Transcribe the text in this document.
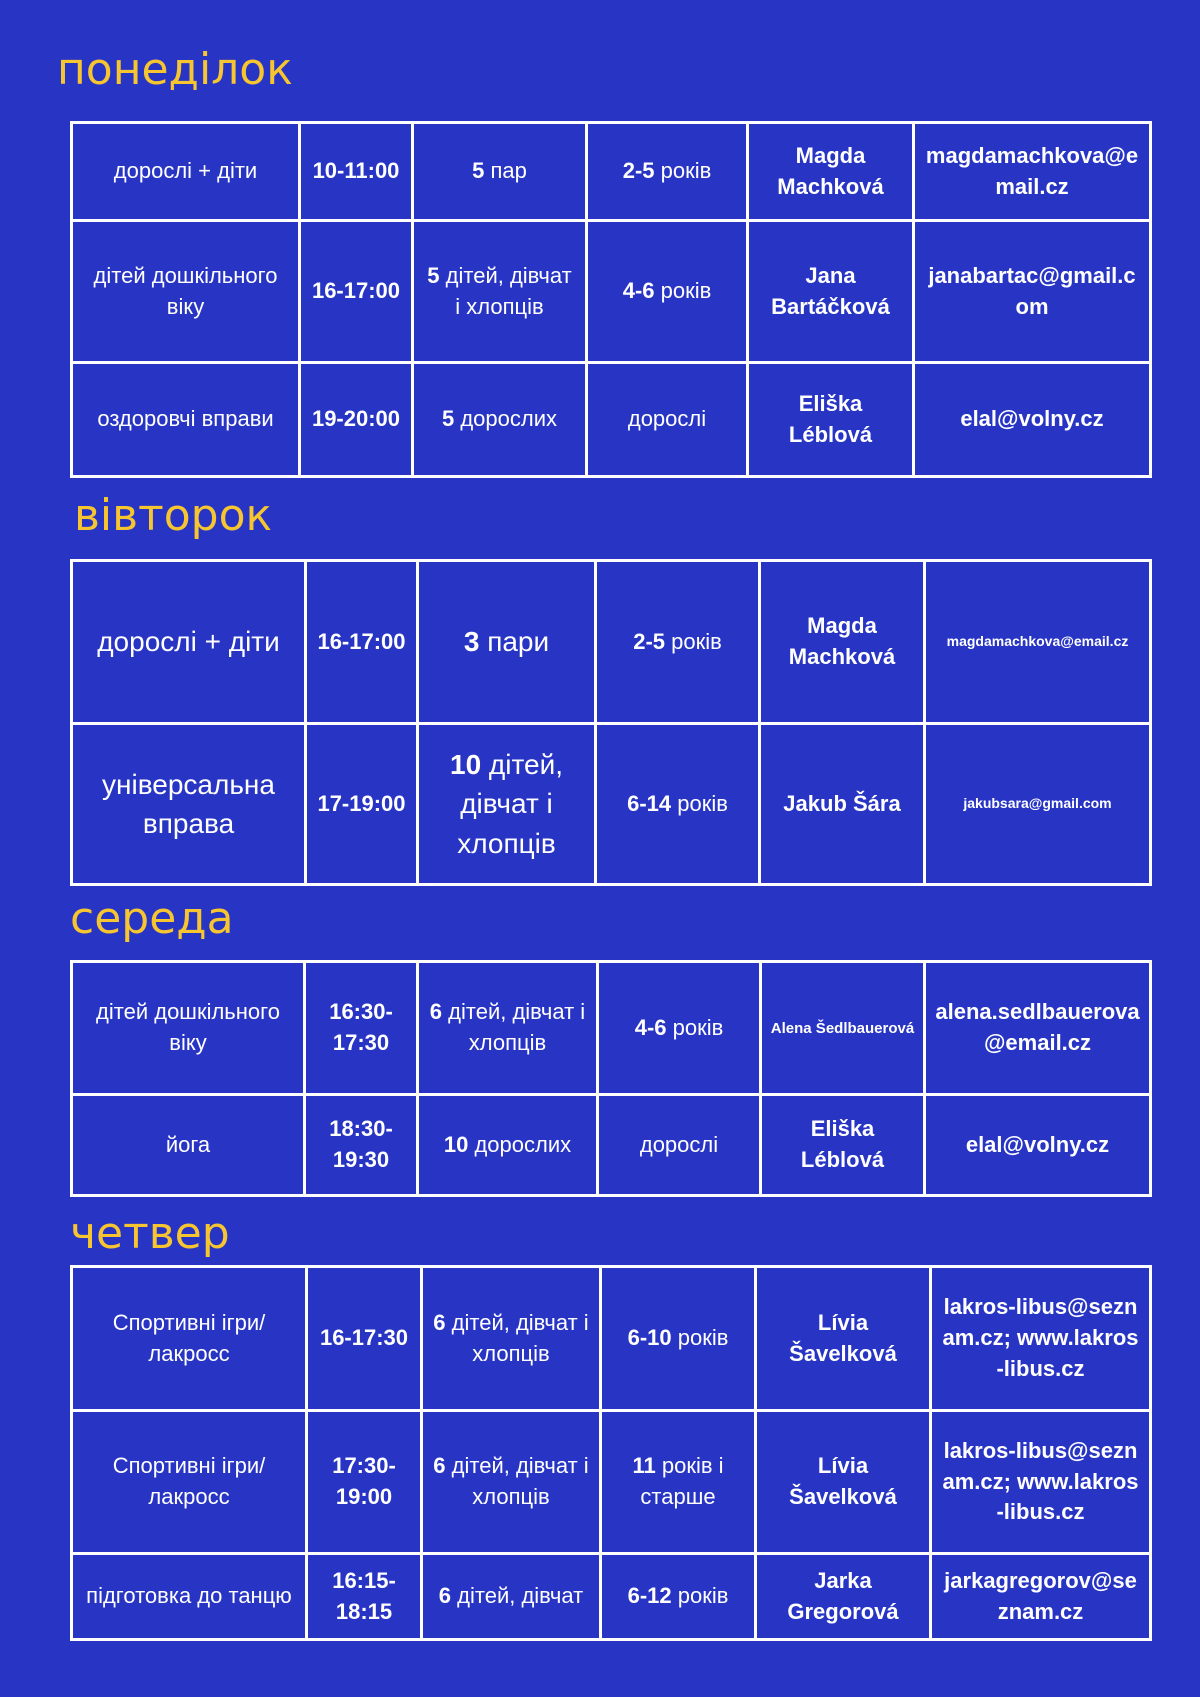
понеділок
дорослі + діти	10-11:00	5 пар	2-5 років	Magda Machková	magdamachkova@email.cz
дітей дошкільного віку	16-17:00	5 дітей, дівчат і хлопців	4-6 років	Jana Bartáčková	janabartac@gmail.com
оздоровчі вправи	19-20:00	5 дорослих	дорослі	Eliška Léblová	elal@volny.cz
вівторок
дорослі + діти	16-17:00	3 пари	2-5 років	Magda Machková	magdamachkova@email.cz
універсальна вправа	17-19:00	10 дітей, дівчат і хлопців	6-14 років	Jakub Šára	jakubsara@gmail.com
середа
дітей дошкільного віку	16:30-17:30	6 дітей, дівчат і хлопців	4-6 років	Alena Šedlbauerová	alena.sedlbauerova@email.cz
йога	18:30-19:30	10 дорослих	дорослі	Eliška Léblová	elal@volny.cz
четвер
Спортивні ігри/ лакросс	16-17:30	6 дітей, дівчат і хлопців	6-10 років	Lívia Šavelková	lakros-libus@seznam.cz; www.lakros-libus.cz
Спортивні ігри/ лакросс	17:30-19:00	6 дітей, дівчат і хлопців	11 років і старше	Lívia Šavelková	lakros-libus@seznam.cz; www.lakros-libus.cz
підготовка до танцю	16:15-18:15	6 дітей, дівчат	6-12 років	Jarka Gregorová	jarkagregorov@seznam.cz
